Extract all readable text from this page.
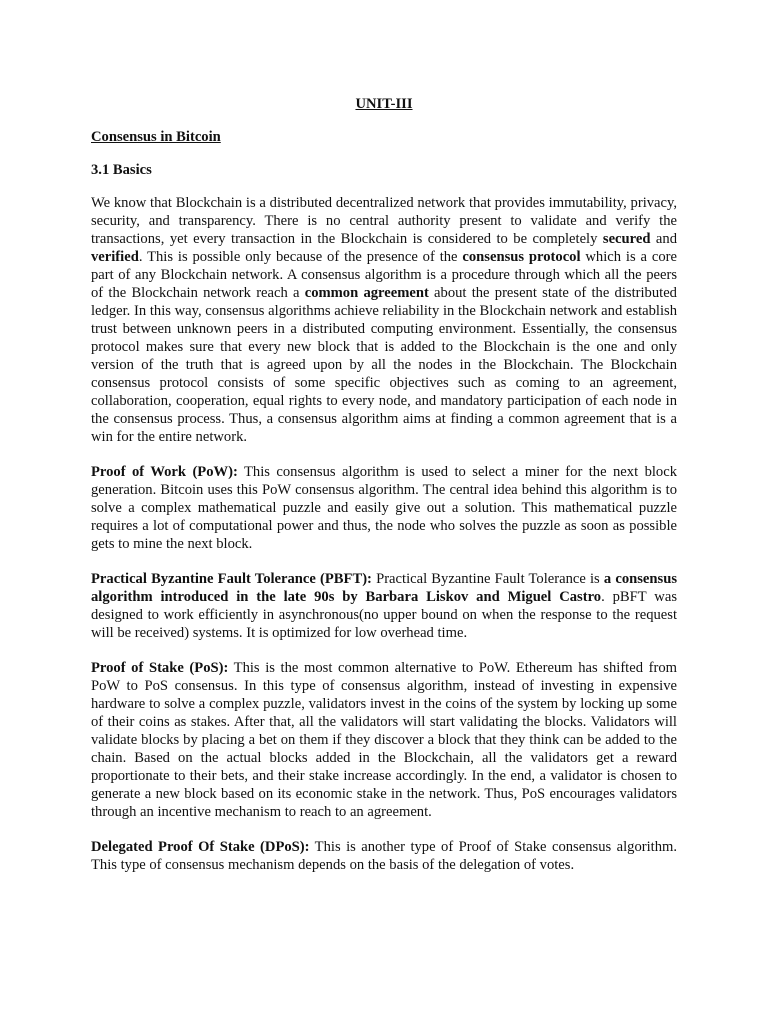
UNIT-III
Consensus in Bitcoin
3.1 Basics

We know that Blockchain is a distributed decentralized network that provides immutability, privacy, security, and transparency. There is no central authority present to validate and verify the transactions, yet every transaction in the Blockchain is considered to be completely secured and verified. This is possible only because of the presence of the consensus protocol which is a core part of any Blockchain network. A consensus algorithm is a procedure through which all the peers of the Blockchain network reach a common agreement about the present state of the distributed ledger. In this way, consensus algorithms achieve reliability in the Blockchain network and establish trust between unknown peers in a distributed computing environment. Essentially, the consensus protocol makes sure that every new block that is added to the Blockchain is the one and only version of the truth that is agreed upon by all the nodes in the Blockchain. The Blockchain consensus protocol consists of some specific objectives such as coming to an agreement, collaboration, cooperation, equal rights to every node, and mandatory participation of each node in the consensus process. Thus, a consensus algorithm aims at finding a common agreement that is a win for the entire network.

Proof of Work (PoW): This consensus algorithm is used to select a miner for the next block generation. Bitcoin uses this PoW consensus algorithm. The central idea behind this algorithm is to solve a complex mathematical puzzle and easily give out a solution. This mathematical puzzle requires a lot of computational power and thus, the node who solves the puzzle as soon as possible gets to mine the next block.

Practical Byzantine Fault Tolerance (PBFT): Practical Byzantine Fault Tolerance is a consensus algorithm introduced in the late 90s by Barbara Liskov and Miguel Castro. pBFT was designed to work efficiently in asynchronous(no upper bound on when the response to the request will be received) systems. It is optimized for low overhead time.

Proof of Stake (PoS): This is the most common alternative to PoW. Ethereum has shifted from PoW to PoS consensus. In this type of consensus algorithm, instead of investing in expensive hardware to solve a complex puzzle, validators invest in the coins of the system by locking up some of their coins as stakes. After that, all the validators will start validating the blocks. Validators will validate blocks by placing a bet on them if they discover a block that they think can be added to the chain. Based on the actual blocks added in the Blockchain, all the validators get a reward proportionate to their bets, and their stake increase accordingly. In the end, a validator is chosen to generate a new block based on its economic stake in the network. Thus, PoS encourages validators through an incentive mechanism to reach to an agreement.

Delegated Proof Of Stake (DPoS): This is another type of Proof of Stake consensus algorithm. This type of consensus mechanism depends on the basis of the delegation of votes.
